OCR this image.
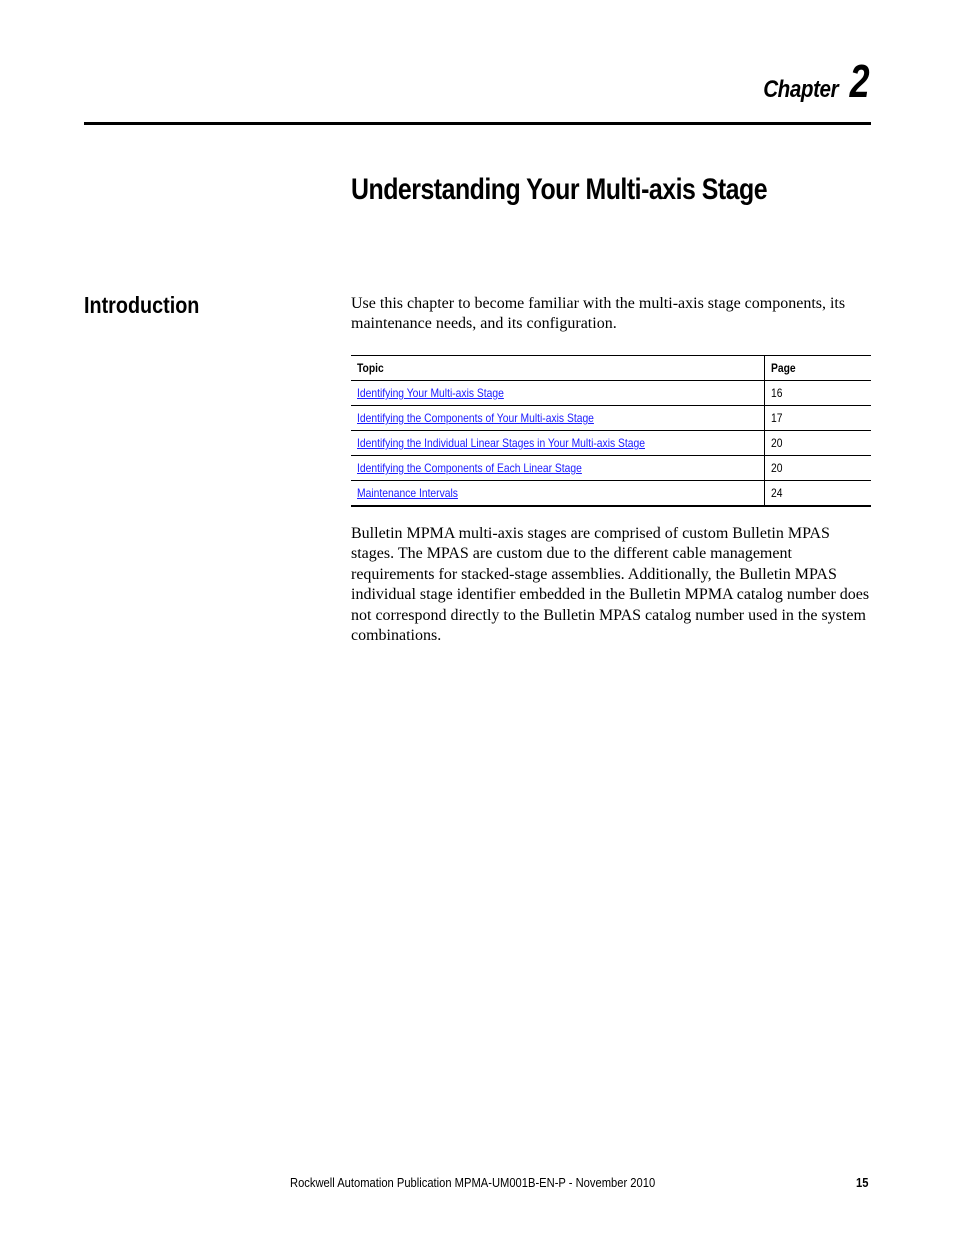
Chapter 2
Understanding Your Multi-axis Stage
Introduction	Use this chapter to become familiar with the multi-axis stage components, its maintenance needs, and its configuration.

Topic	Page
Identifying Your Multi-axis Stage	16
Identifying the Components of Your Multi-axis Stage	17
Identifying the Individual Linear Stages in Your Multi-axis Stage	20
Identifying the Components of Each Linear Stage	20
Maintenance Intervals	24

Bulletin MPMA multi-axis stages are comprised of custom Bulletin MPAS stages. The MPAS are custom due to the different cable management requirements for stacked-stage assemblies. Additionally, the Bulletin MPAS individual stage identifier embedded in the Bulletin MPMA catalog number does not correspond directly to the Bulletin MPAS catalog number used in the system combinations.

Rockwell Automation Publication MPMA-UM001B-EN-P - November 2010	15
